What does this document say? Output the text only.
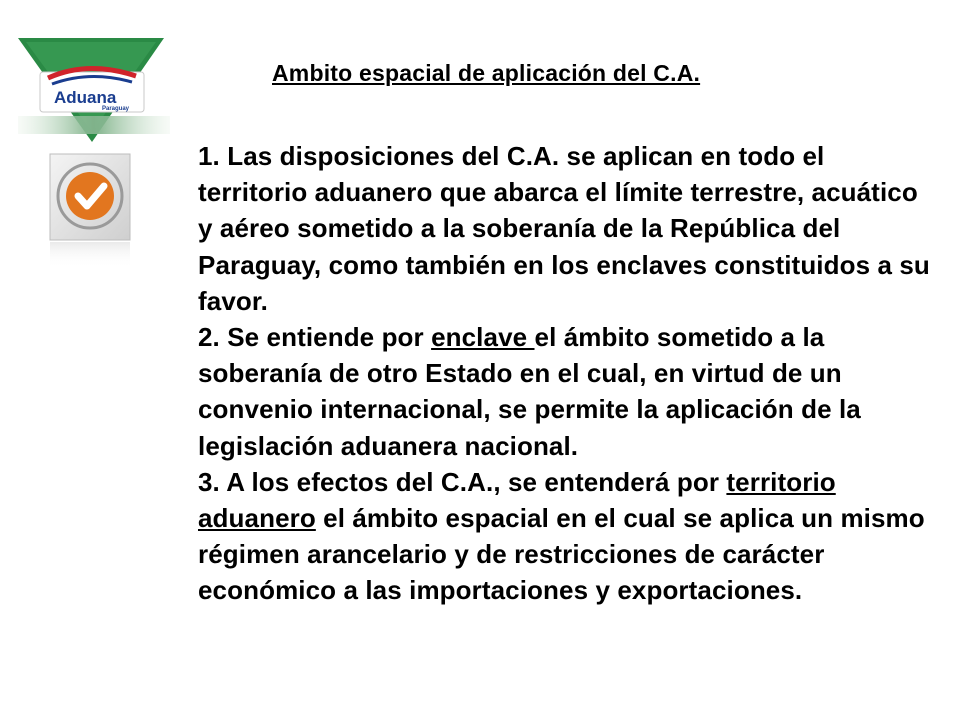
Aduana
Paraguay
Ambito espacial de aplicación del C.A.

1. Las disposiciones del C.A. se aplican en todo el territorio aduanero que abarca el límite terrestre, acuático y aéreo sometido a la soberanía de la República del Paraguay, como también en los enclaves constituidos a su favor.

2. Se entiende por enclave el ámbito sometido a la soberanía de otro Estado en el cual, en virtud de un convenio internacional, se permite la aplicación de la legislación aduanera nacional.

3. A los efectos del C.A., se entenderá por territorio aduanero el ámbito espacial en el cual se aplica un mismo régimen arancelario y de restricciones de carácter económico a las importaciones y exportaciones.
